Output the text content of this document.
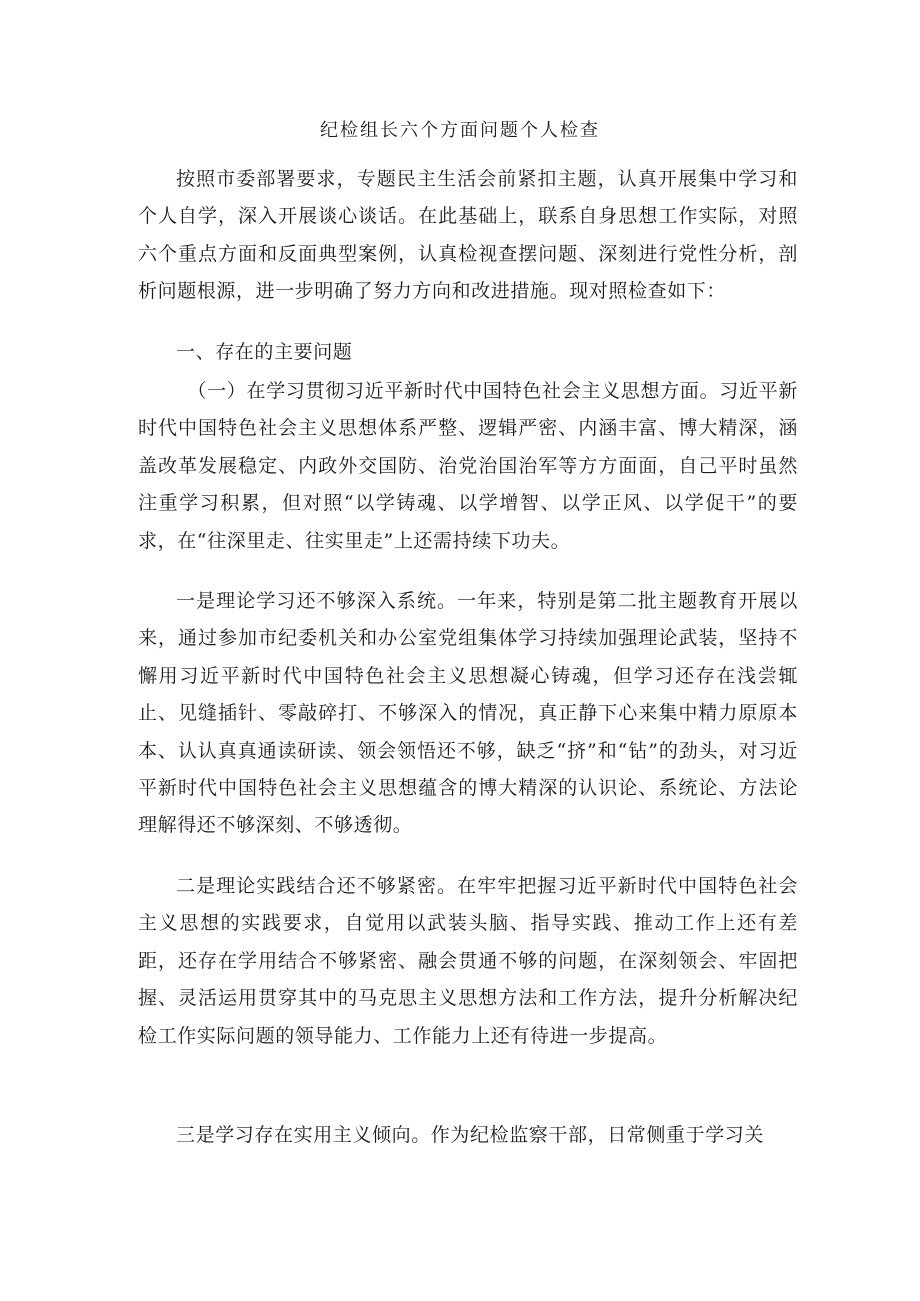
纪检组长六个方面问题个人检查
按照市委部署要求，专题民主生活会前紧扣主题，认真开展集中学习和个人自学，深入开展谈心谈话。在此基础上，联系自身思想工作实际，对照六个重点方面和反面典型案例，认真检视查摆问题、深刻进行党性分析，剖析问题根源，进一步明确了努力方向和改进措施。现对照检查如下：
一、存在的主要问题
（一）在学习贯彻习近平新时代中国特色社会主义思想方面。习近平新时代中国特色社会主义思想体系严整、逻辑严密、内涵丰富、博大精深，涵盖改革发展稳定、内政外交国防、治党治国治军等方方面面，自己平时虽然注重学习积累，但对照“以学铸魂、以学增智、以学正风、以学促干”的要求，在“往深里走、往实里走”上还需持续下功夫。
一是理论学习还不够深入系统。一年来，特别是第二批主题教育开展以来，通过参加市纪委机关和办公室党组集体学习持续加强理论武装，坚持不懈用习近平新时代中国特色社会主义思想凝心铸魂，但学习还存在浅尝辄止、见缝插针、零敲碎打、不够深入的情况，真正静下心来集中精力原原本本、认认真真通读研读、领会领悟还不够，缺乏“挤”和“钻”的劲头，对习近平新时代中国特色社会主义思想蕴含的博大精深的认识论、系统论、方法论理解得还不够深刻、不够透彻。
二是理论实践结合还不够紧密。在牢牢把握习近平新时代中国特色社会主义思想的实践要求，自觉用以武装头脑、指导实践、推动工作上还有差距，还存在学用结合不够紧密、融会贯通不够的问题，在深刻领会、牢固把握、灵活运用贯穿其中的马克思主义思想方法和工作方法，提升分析解决纪检工作实际问题的领导能力、工作能力上还有待进一步提高。
三是学习存在实用主义倾向。作为纪检监察干部，日常侧重于学习关
